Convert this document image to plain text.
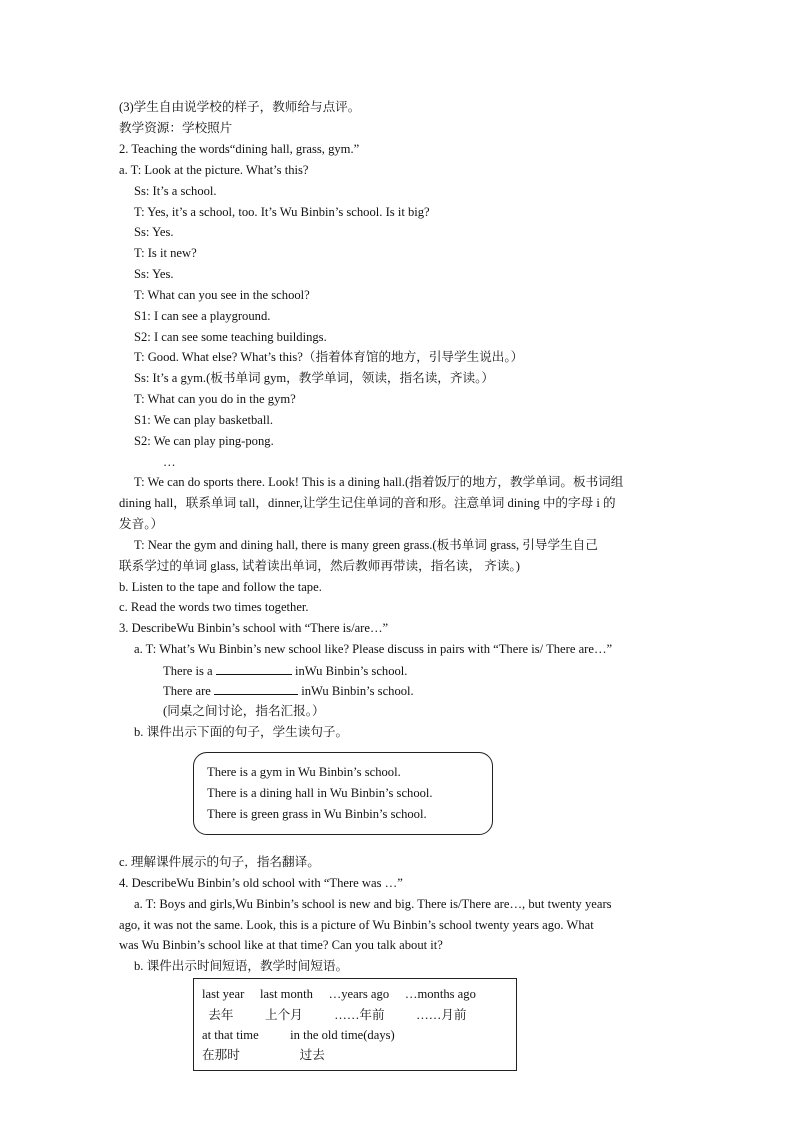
(3)学生自由说学校的样子，教师给与点评。
教学资源：学校照片
2. Teaching the words“dining hall, grass, gym.”
a. T: Look at the picture. What’s this?
Ss: It’s a school.
T: Yes, it’s a school, too. It’s Wu Binbin’s school. Is it big?
Ss: Yes.
T: Is it new?
Ss: Yes.
T: What can you see in the school?
S1: I can see a playground.
S2: I can see some teaching buildings.
T: Good. What else? What’s this?（指着体育馆的地方，引导学生说出。）
Ss: It’s a gym.(板书单词 gym，教学单词，领读，指名读，齐读。）
T: What can you do in the gym?
S1: We can play basketball.
S2: We can play ping-pong.
…
T: We can do sports there. Look! This is a dining hall.(指着饭厅的地方，教学单词。板书词组
dining hall，联系单词 tall，dinner,让学生记住单词的音和形。注意单词 dining 中的字母 i 的
发音。）
T: Near the gym and dining hall, there is many green grass.(板书单词 grass, 引导学生自己
联系学过的单词 glass, 试着读出单词，然后教师再带读，指名读， 齐读。)
b. Listen to the tape and follow the tape.
c. Read the words two times together.
3. DescribeWu Binbin’s school with “There is/are…”
a. T: What’s Wu Binbin’s new school like? Please discuss in pairs with “There is/ There are…”
There is a	inWu Binbin’s school.
There are	inWu Binbin’s school.
(同桌之间讨论，指名汇报。）
b. 课件出示下面的句子，学生读句子。
There is a gym in Wu Binbin’s school.
There is a dining hall in Wu Binbin’s school.
There is green grass in Wu Binbin’s school.
c. 理解课件展示的句子，指名翻译。
4. DescribeWu Binbin’s old school with “There was …”
a. T: Boys and girls,Wu Binbin’s school is new and big. There is/There are…, but twenty years
ago, it was not the same. Look, this is a picture of Wu Binbin’s school twenty years ago. What
was Wu Binbin’s school like at that time? Can you talk about it?
b. 课件出示时间短语，教学时间短语。
last year     last month     …years ago     …months ago
去年          上个月          ……年前          ……月前
at that time          in the old time(days)
在那时                   过去
